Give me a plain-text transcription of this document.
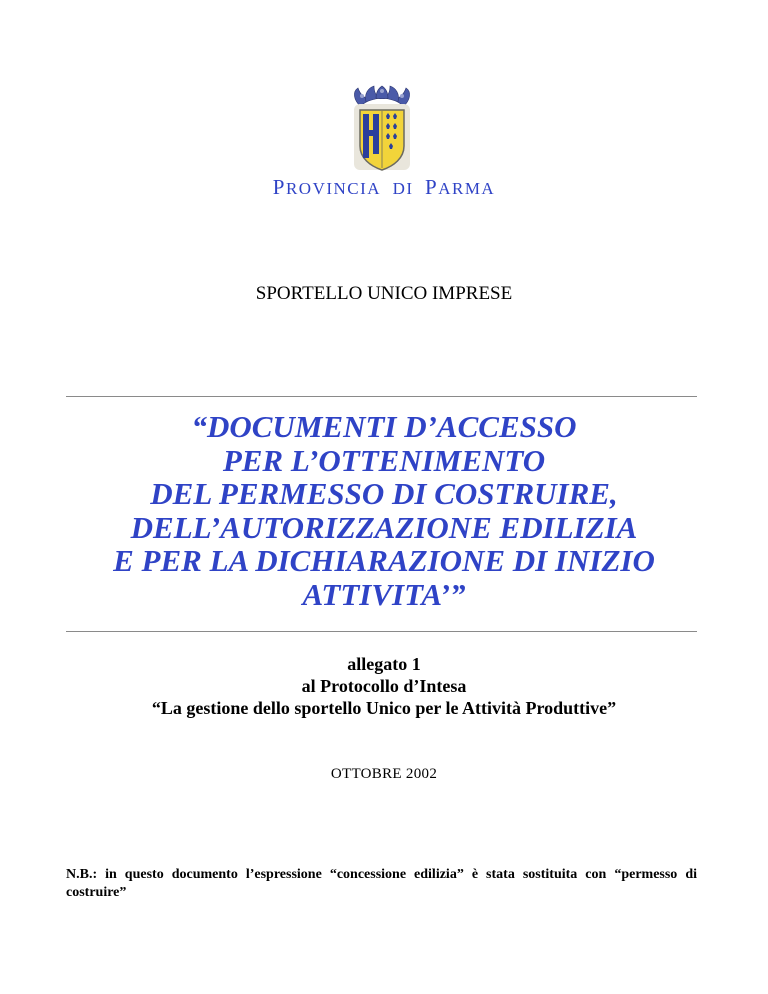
PROVINCIA DI PARMA
SPORTELLO UNICO IMPRESE
“DOCUMENTI D’ACCESSO
PER L’OTTENIMENTO
DEL PERMESSO DI COSTRUIRE,
DELL’AUTORIZZAZIONE EDILIZIA
E PER LA DICHIARAZIONE DI INIZIO
ATTIVITA’”
allegato 1
al Protocollo d’Intesa
“La gestione dello sportello Unico per le Attività Produttive”
OTTOBRE 2002
N.B.: in questo documento l’espressione “concessione edilizia” è stata sostituita con “permesso di costruire”
